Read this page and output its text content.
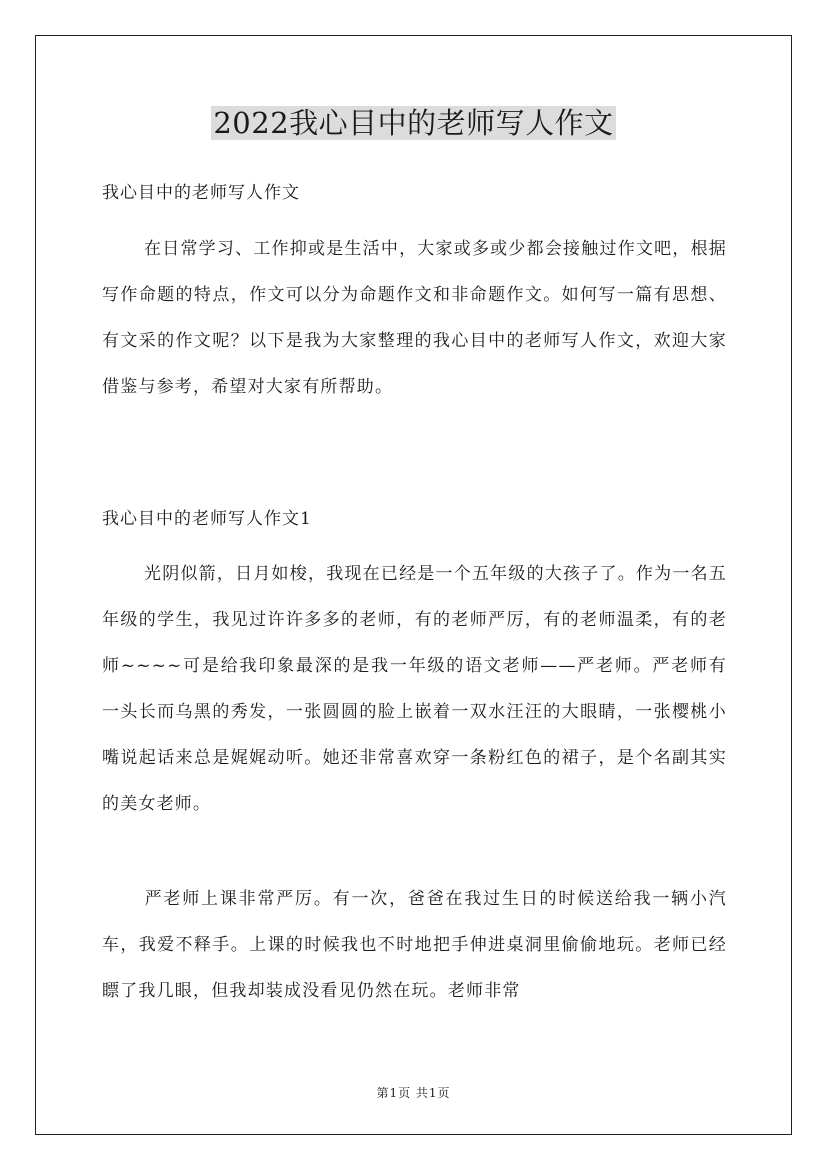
2022我心目中的老师写人作文
我心目中的老师写人作文
在日常学习、工作抑或是生活中，大家或多或少都会接触过作文吧，根据写作命题的特点，作文可以分为命题作文和非命题作文。如何写一篇有思想、有文采的作文呢？以下是我为大家整理的我心目中的老师写人作文，欢迎大家借鉴与参考，希望对大家有所帮助。
我心目中的老师写人作文1
光阴似箭，日月如梭，我现在已经是一个五年级的大孩子了。作为一名五年级的学生，我见过许许多多的老师，有的老师严厉，有的老师温柔，有的老师~~~~可是给我印象最深的是我一年级的语文老师——严老师。严老师有一头长而乌黑的秀发，一张圆圆的脸上嵌着一双水汪汪的大眼睛，一张樱桃小嘴说起话来总是娓娓动听。她还非常喜欢穿一条粉红色的裙子，是个名副其实的美女老师。
严老师上课非常严厉。有一次，爸爸在我过生日的时候送给我一辆小汽车，我爱不释手。上课的时候我也不时地把手伸进桌洞里偷偷地玩。老师已经瞟了我几眼，但我却装成没看见仍然在玩。老师非常
第1页 共1页
